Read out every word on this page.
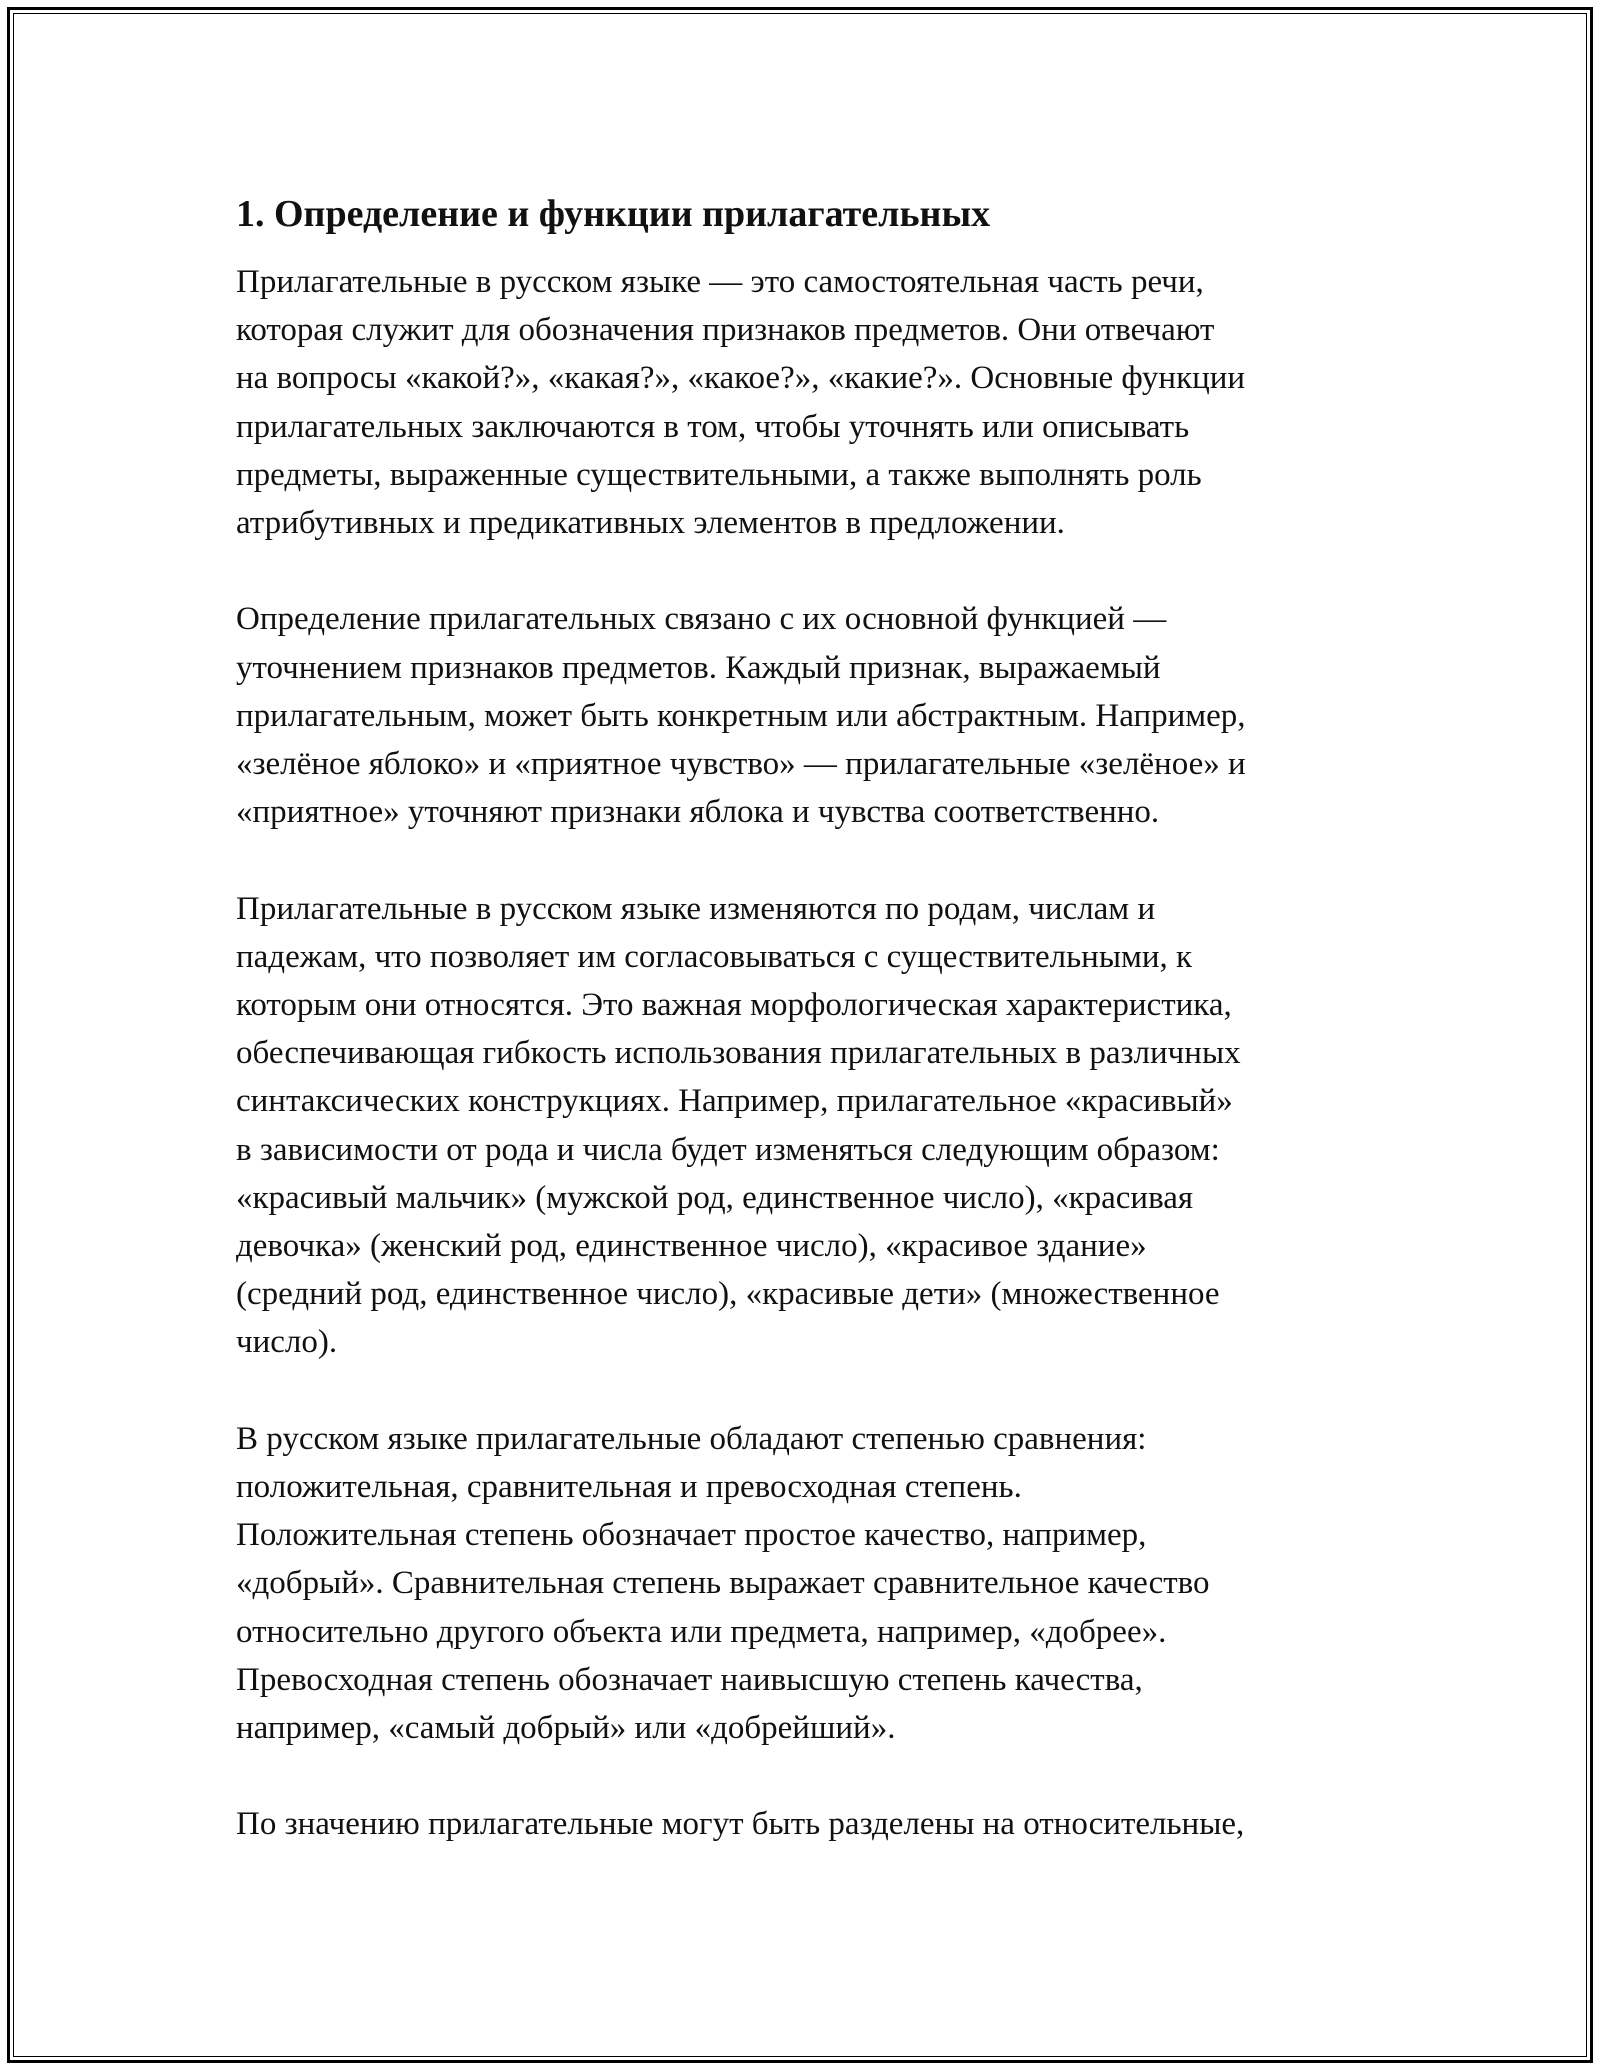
1. Определение и функции прилагательных

Прилагательные в русском языке — это самостоятельная часть речи,
которая служит для обозначения признаков предметов. Они отвечают
на вопросы «какой?», «какая?», «какое?», «какие?». Основные функции
прилагательных заключаются в том, чтобы уточнять или описывать
предметы, выраженные существительными, а также выполнять роль
атрибутивных и предикативных элементов в предложении.

Определение прилагательных связано с их основной функцией —
уточнением признаков предметов. Каждый признак, выражаемый
прилагательным, может быть конкретным или абстрактным. Например,
«зелёное яблоко» и «приятное чувство» — прилагательные «зелёное» и
«приятное» уточняют признаки яблока и чувства соответственно.

Прилагательные в русском языке изменяются по родам, числам и
падежам, что позволяет им согласовываться с существительными, к
которым они относятся. Это важная морфологическая характеристика,
обеспечивающая гибкость использования прилагательных в различных
синтаксических конструкциях. Например, прилагательное «красивый»
в зависимости от рода и числа будет изменяться следующим образом:
«красивый мальчик» (мужской род, единственное число), «красивая
девочка» (женский род, единственное число), «красивое здание»
(средний род, единственное число), «красивые дети» (множественное
число).

В русском языке прилагательные обладают степенью сравнения:
положительная, сравнительная и превосходная степень.
Положительная степень обозначает простое качество, например,
«добрый». Сравнительная степень выражает сравнительное качество
относительно другого объекта или предмета, например, «добрее».
Превосходная степень обозначает наивысшую степень качества,
например, «самый добрый» или «добрейший».

По значению прилагательные могут быть разделены на относительные,
